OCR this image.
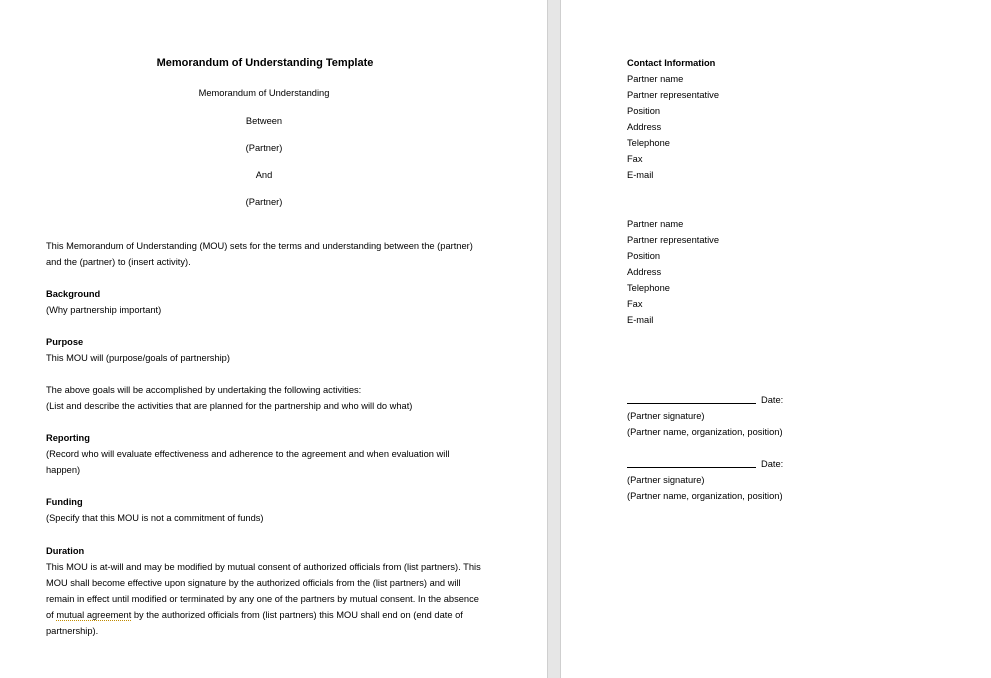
Memorandum of Understanding Template
Memorandum of Understanding
Between
(Partner)
And
(Partner)
This Memorandum of Understanding (MOU) sets for the terms and understanding between the (partner)
and the (partner) to (insert activity).
Background
(Why partnership important)
Purpose
This MOU will (purpose/goals of partnership)
The above goals will be accomplished by undertaking the following activities:
(List and describe the activities that are planned for the partnership and who will do what)
Reporting
(Record who will evaluate effectiveness and adherence to the agreement and when evaluation will
happen)
Funding
(Specify that this MOU is not a commitment of funds)
Duration
This MOU is at-will and may be modified by mutual consent of authorized officials from (list partners). This
MOU shall become effective upon signature by the authorized officials from the (list partners) and will
remain in effect until modified or terminated by any one of the partners by mutual consent. In the absence
of mutual agreement by the authorized officials from (list partners) this MOU shall end on (end date of
partnership).
Contact Information
Partner name
Partner representative
Position
Address
Telephone
Fax
E-mail
Partner name
Partner representative
Position
Address
Telephone
Fax
E-mail
Date:
(Partner signature)
(Partner name, organization, position)
Date:
(Partner signature)
(Partner name, organization, position)
